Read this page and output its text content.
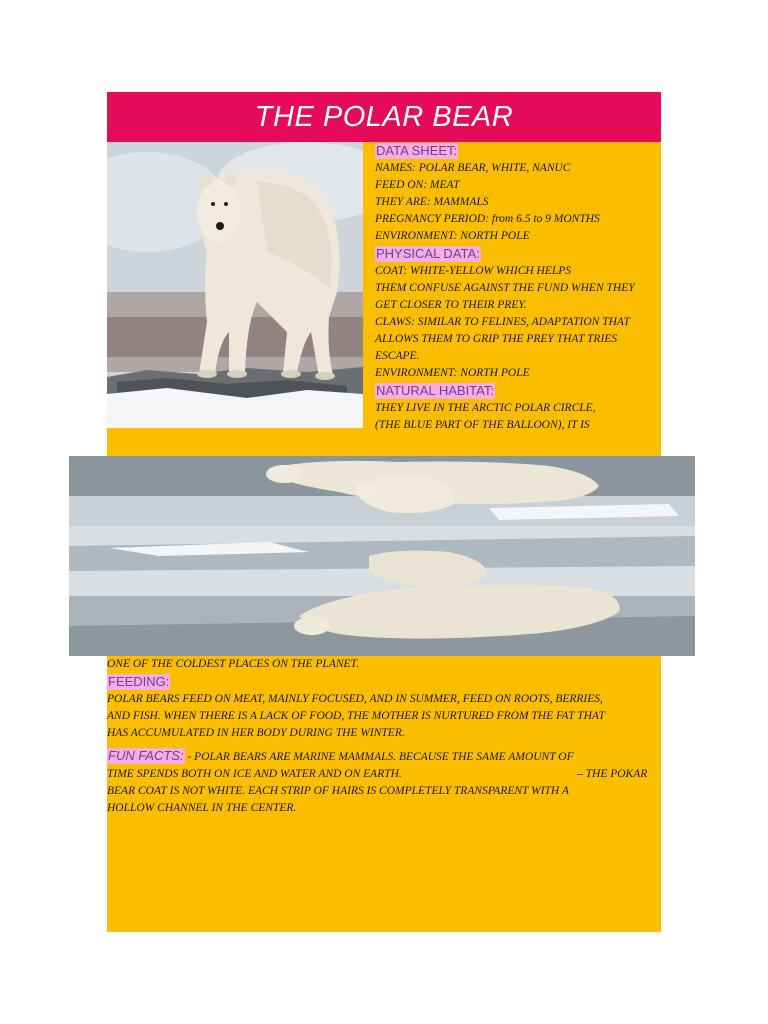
THE POLAR BEAR
DATA SHEET:
NAMES: POLAR BEAR, WHITE, NANUC
FEED ON: MEAT
THEY ARE: MAMMALS
PREGNANCY PERIOD: from 6.5 to 9 MONTHS
ENVIRONMENT: NORTH POLE
PHYSICAL DATA:
COAT: WHITE-YELLOW WHICH HELPS
THEM CONFUSE AGAINST THE FUND WHEN THEY
GET CLOSER TO THEIR PREY.
CLAWS: SIMILAR TO FELINES, ADAPTATION THAT
ALLOWS THEM TO GRIP THE PREY THAT TRIES
ESCAPE.
ENVIRONMENT: NORTH POLE
NATURAL HABITAT:
THEY LIVE IN THE ARCTIC POLAR CIRCLE,
(THE BLUE PART OF THE BALLOON), IT IS
ONE OF THE COLDEST PLACES ON THE PLANET.
FEEDING:
POLAR BEARS FEED ON MEAT, MAINLY FOCUSED, AND IN SUMMER, FEED ON ROOTS, BERRIES,
AND FISH. WHEN THERE IS A LACK OF FOOD, THE MOTHER IS NURTURED FROM THE FAT THAT
HAS ACCUMULATED IN HER BODY DURING THE WINTER.
FUN FACTS: - POLAR BEARS ARE MARINE MAMMALS. BECAUSE THE SAME AMOUNT OF
TIME SPENDS BOTH ON ICE AND WATER AND ON EARTH.	– THE POKAR
BEAR COAT IS NOT WHITE. EACH STRIP OF HAIRS IS COMPLETELY TRANSPARENT WITH A
HOLLOW CHANNEL IN THE CENTER.
